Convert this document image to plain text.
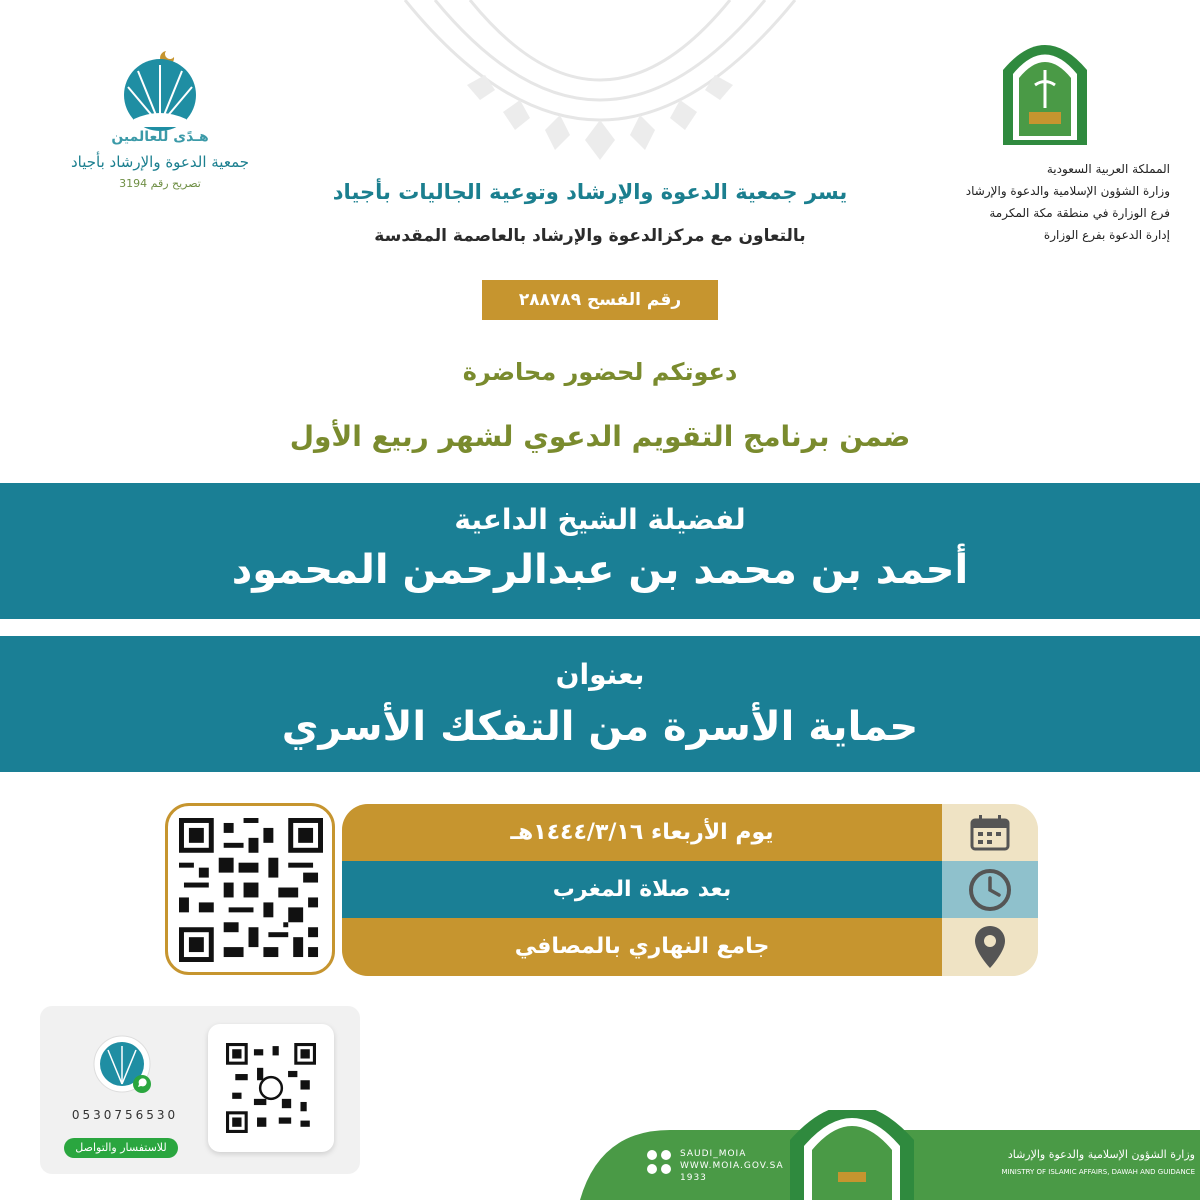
هـدًى للعالمين
جمعية الدعوة والإرشاد بأجياد
تصريح رقم 3194
المملكة العربية السعودية
وزارة الشؤون الإسلامية والدعوة والإرشاد
فرع الوزارة في منطقة مكة المكرمة
إدارة الدعوة بفرع الوزارة
يسر جمعية الدعوة والإرشاد وتوعية الجاليات بأجياد
بالتعاون مع مركزالدعوة والإرشاد بالعاصمة المقدسة
رقم الفسح ٢٨٨٧٨٩
دعوتكم لحضور محاضرة
ضمن برنامج التقويم الدعوي لشهر ربيع الأول
لفضيلة الشيخ الداعية
أحمد بن محمد بن عبدالرحمن المحمود
بعنوان
حماية الأسرة من التفكك الأسري
يوم الأربعاء ١٤٤٤/٣/١٦هـ
بعد صلاة المغرب
جامع النهاري بالمصافي
0530756530
للاستفسار والتواصل	SAUDI_MOIA
WWW.MOIA.GOV.SA
1933
وزارة الشؤون الإسلامية والدعوة والإرشاد
MINISTRY OF ISLAMIC AFFAIRS, DAWAH AND GUIDANCE
